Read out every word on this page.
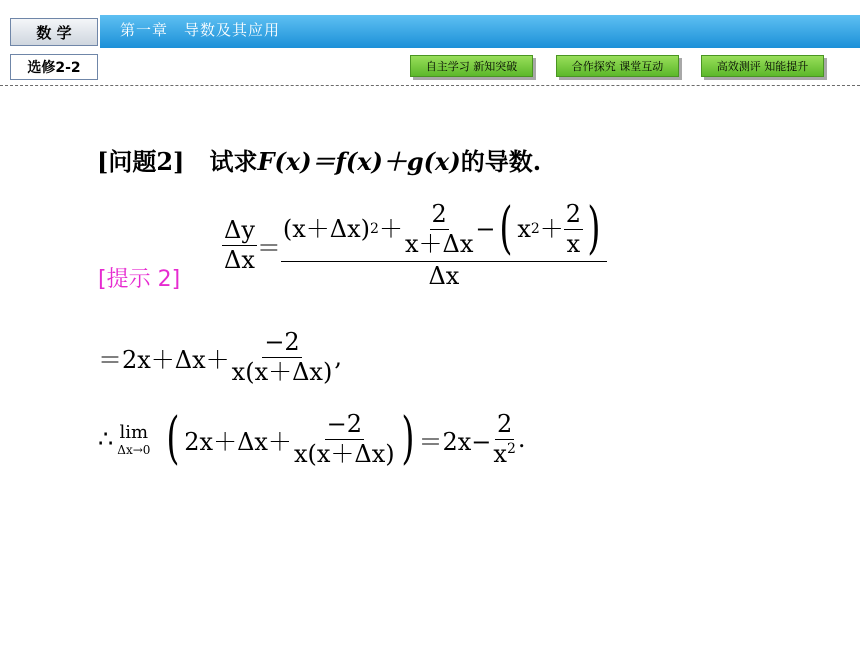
数 学
选修2-2
第一章　导数及其应用
自主学习 新知突破	合作探究 课堂互动	高效测评 知能提升
[问题2] 试求F(x)＝f(x)＋g(x)的导数.
[提示 2]
$\frac{\Delta y}{\Delta x}$ ＝
(x＋Δx) $2 + \frac{2}{x+\Delta x}$ − ( x $2 + \frac{2}{x}$ )
Δx
$=2x+\Delta x+ \frac{-2}{x(x+\Delta x)}$ ,
∴ lim
Δx→0 ( $2x+\Delta x+ \frac{-2}{x(x+\Delta x)}$ ) $=2x- \frac{2}{x^2}$ .
